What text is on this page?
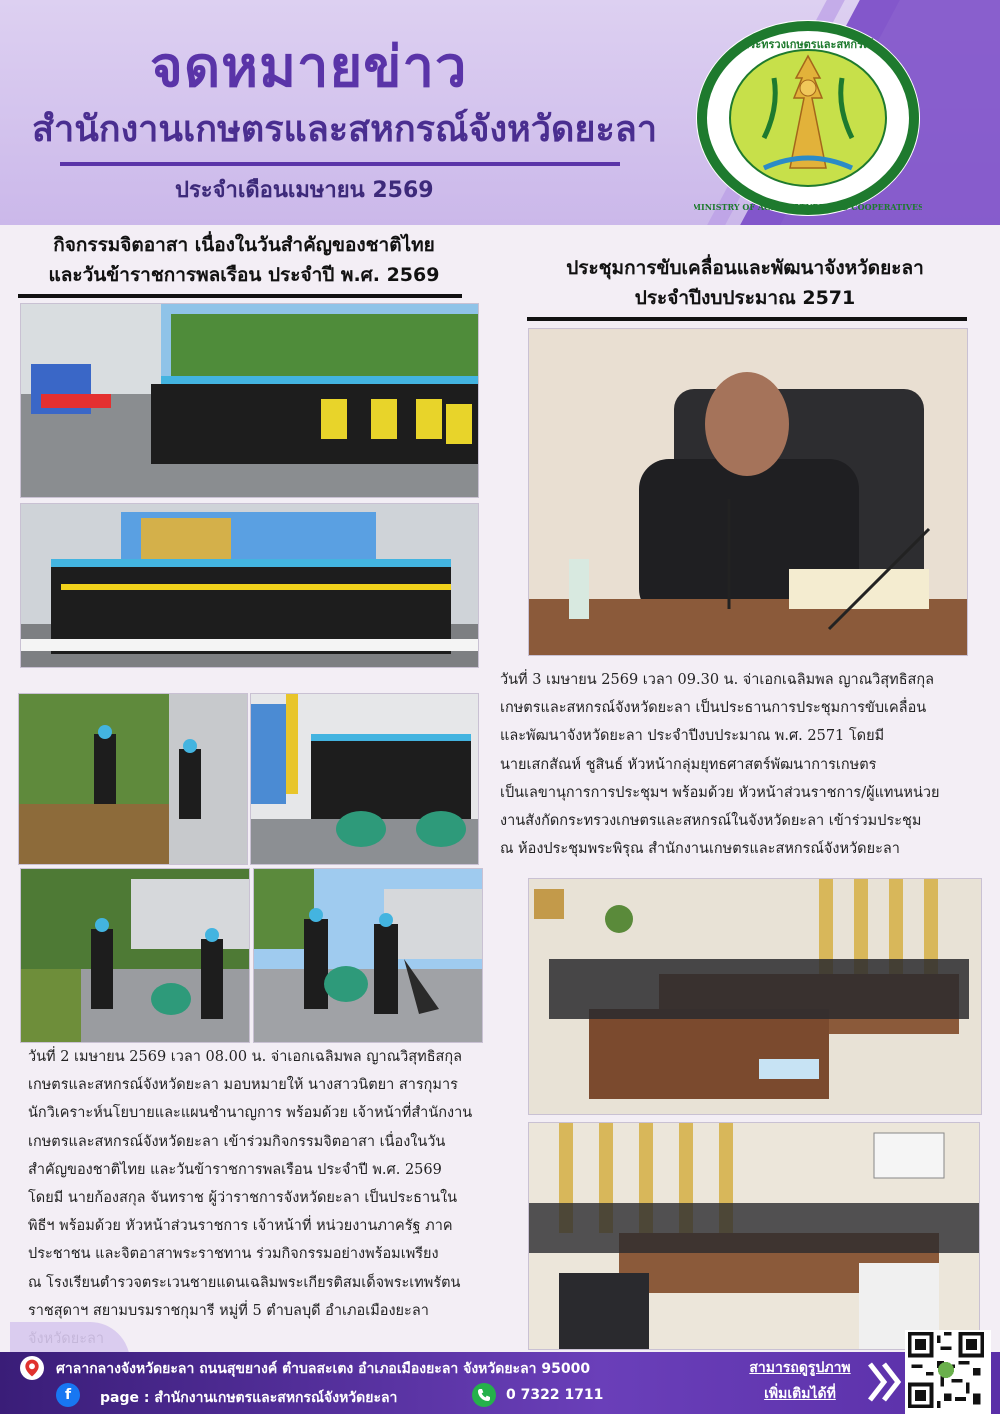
จดหมายข่าว
สำนักงานเกษตรและสหกรณ์จังหวัดยะลา
ประจำเดือนเมษายน 2569
กระทรวงเกษตรและสหกรณ์
MINISTRY OF AGRICULTURE AND COOPERATIVES
กิจกรรมจิตอาสา เนื่องในวันสำคัญของชาติไทย
และวันข้าราชการพลเรือน ประจำปี พ.ศ. 2569
วันที่ 2 เมษายน 2569 เวลา 08.00 น. จ่าเอกเฉลิมพล ญาณวิสุทธิสกุล
เกษตรและสหกรณ์จังหวัดยะลา มอบหมายให้ นางสาวนิตยา สารกุมาร
นักวิเคราะห์นโยบายและแผนชำนาญการ พร้อมด้วย เจ้าหน้าที่สำนักงาน
เกษตรและสหกรณ์จังหวัดยะลา เข้าร่วมกิจกรรมจิตอาสา เนื่องในวัน
สำคัญของชาติไทย และวันข้าราชการพลเรือน ประจำปี พ.ศ. 2569
โดยมี นายก้องสกุล จันทราช ผู้ว่าราชการจังหวัดยะลา เป็นประธานใน
พิธีฯ พร้อมด้วย หัวหน้าส่วนราชการ เจ้าหน้าที่ หน่วยงานภาครัฐ ภาค
ประชาชน และจิตอาสาพระราชทาน ร่วมกิจกรรมอย่างพร้อมเพรียง
ณ โรงเรียนตำรวจตระเวนชายแดนเฉลิมพระเกียรติสมเด็จพระเทพรัตน
ราชสุดาฯ สยามบรมราชกุมารี หมู่ที่ 5 ตำบลบุดี อำเภอเมืองยะลา

ประชุมการขับเคลื่อนและพัฒนาจังหวัดยะลา
ประจำปีงบประมาณ 2571
วันที่ 3 เมษายน 2569 เวลา 09.30 น. จ่าเอกเฉลิมพล ญาณวิสุทธิสกุล
เกษตรและสหกรณ์จังหวัดยะลา เป็นประธานการประชุมการขับเคลื่อน
และพัฒนาจังหวัดยะลา ประจำปีงบประมาณ พ.ศ. 2571 โดยมี
นายเสกสัณห์ ชูสินธ์ หัวหน้ากลุ่มยุทธศาสตร์พัฒนาการเกษตร
เป็นเลขานุการการประชุมฯ พร้อมด้วย หัวหน้าส่วนราชการ/ผู้แทนหน่วย
งานสังกัดกระทรวงเกษตรและสหกรณ์ในจังหวัดยะลา เข้าร่วมประชุม
ณ ห้องประชุมพระพิรุณ สำนักงานเกษตรและสหกรณ์จังหวัดยะลา
ศาลากลางจังหวัดยะลา ถนนสุขยางค์ ตำบลสะเตง อำเภอเมืองยะลา จังหวัดยะลา 95000
f	page : สำนักงานเกษตรและสหกรณ์จังหวัดยะลา	0 7322 1711
สามารถดูรูปภาพ
เพิ่มเติมได้ที่
